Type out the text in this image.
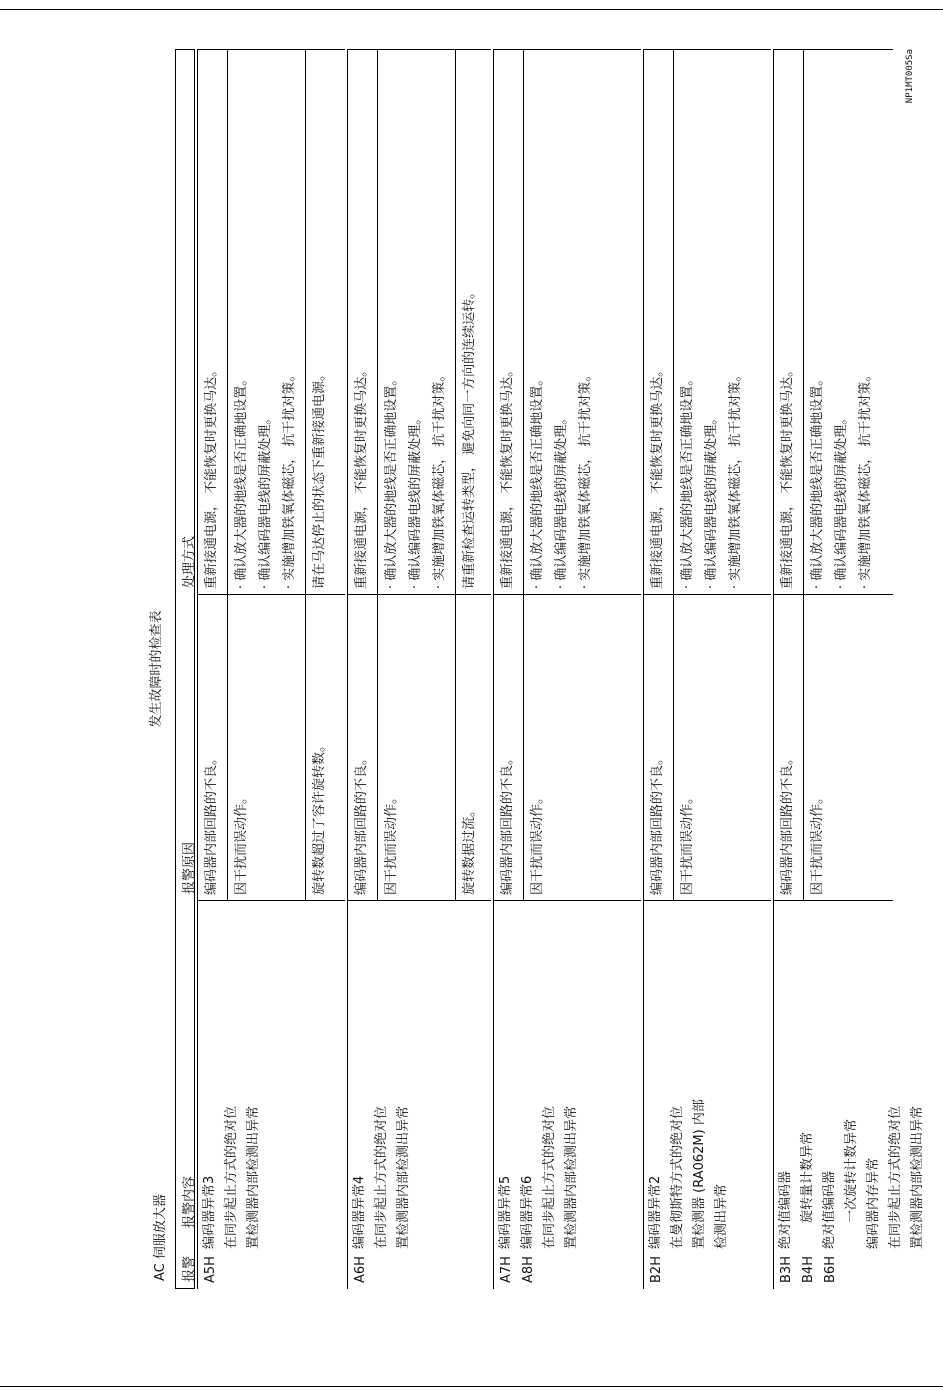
发生故障时的检查表
AC 伺服放大器	报警
报警内容
报警原因
处理方式
A5H
编码器异常3 在同步起止方式的绝对位 置检测器内部检测出异常
编码器内部回路的不良。
重新接通电源， 不能恢复时更换马达。
因干扰而误动作。
· 确认放大器的地线是否正确地设置。 · 确认编码器电线的屏蔽处理。 · 实施增加铁氧体磁芯， 抗干扰对策。
旋转数超过了容许旋转数。
请在马达停止的状态下重新接通电源。
A6H
编码器异常4 在同步起止方式的绝对位 置检测器内部检测出异常
编码器内部回路的不良。
重新接通电源， 不能恢复时更换马达。
因干扰而误动作。
· 确认放大器的地线是否正确地设置。 · 确认编码器电线的屏蔽处理。 · 实施增加铁氧体磁芯， 抗干扰对策。
旋转数据过流。
请重新检查运转类型， 避免向同一方向的连续运转。
A7H A8H
编码器异常5 编码器异常6 在同步起止方式的绝对位 置检测器内部检测出异常
编码器内部回路的不良。
重新接通电源， 不能恢复时更换马达。
因干扰而误动作。
· 确认放大器的地线是否正确地设置。 · 确认编码器电线的屏蔽处理。 · 实施增加铁氧体磁芯， 抗干扰对策。
B2H
编码器异常2 在曼彻斯特方式的绝对位 置检测器 (RA062M) 内部 检测出异常
编码器内部回路的不良。
重新接通电源， 不能恢复时更换马达。
因干扰而误动作。
· 确认放大器的地线是否正确地设置。 · 确认编码器电线的屏蔽处理。 · 实施增加铁氧体磁芯， 抗干扰对策。
B3H B4H B6H
绝对值编码器 　　旋转量计数异常 绝对值编码器 　　一次旋转计数异常 编码器内存异常 在同步起止方式的绝对位 置检测器内部检测出异常
编码器内部回路的不良。
重新接通电源， 不能恢复时更换马达。
因干扰而误动作。
· 确认放大器的地线是否正确地设置。 · 确认编码器电线的屏蔽处理。 · 实施增加铁氧体磁芯， 抗干扰对策。
NP1MT005Sa
